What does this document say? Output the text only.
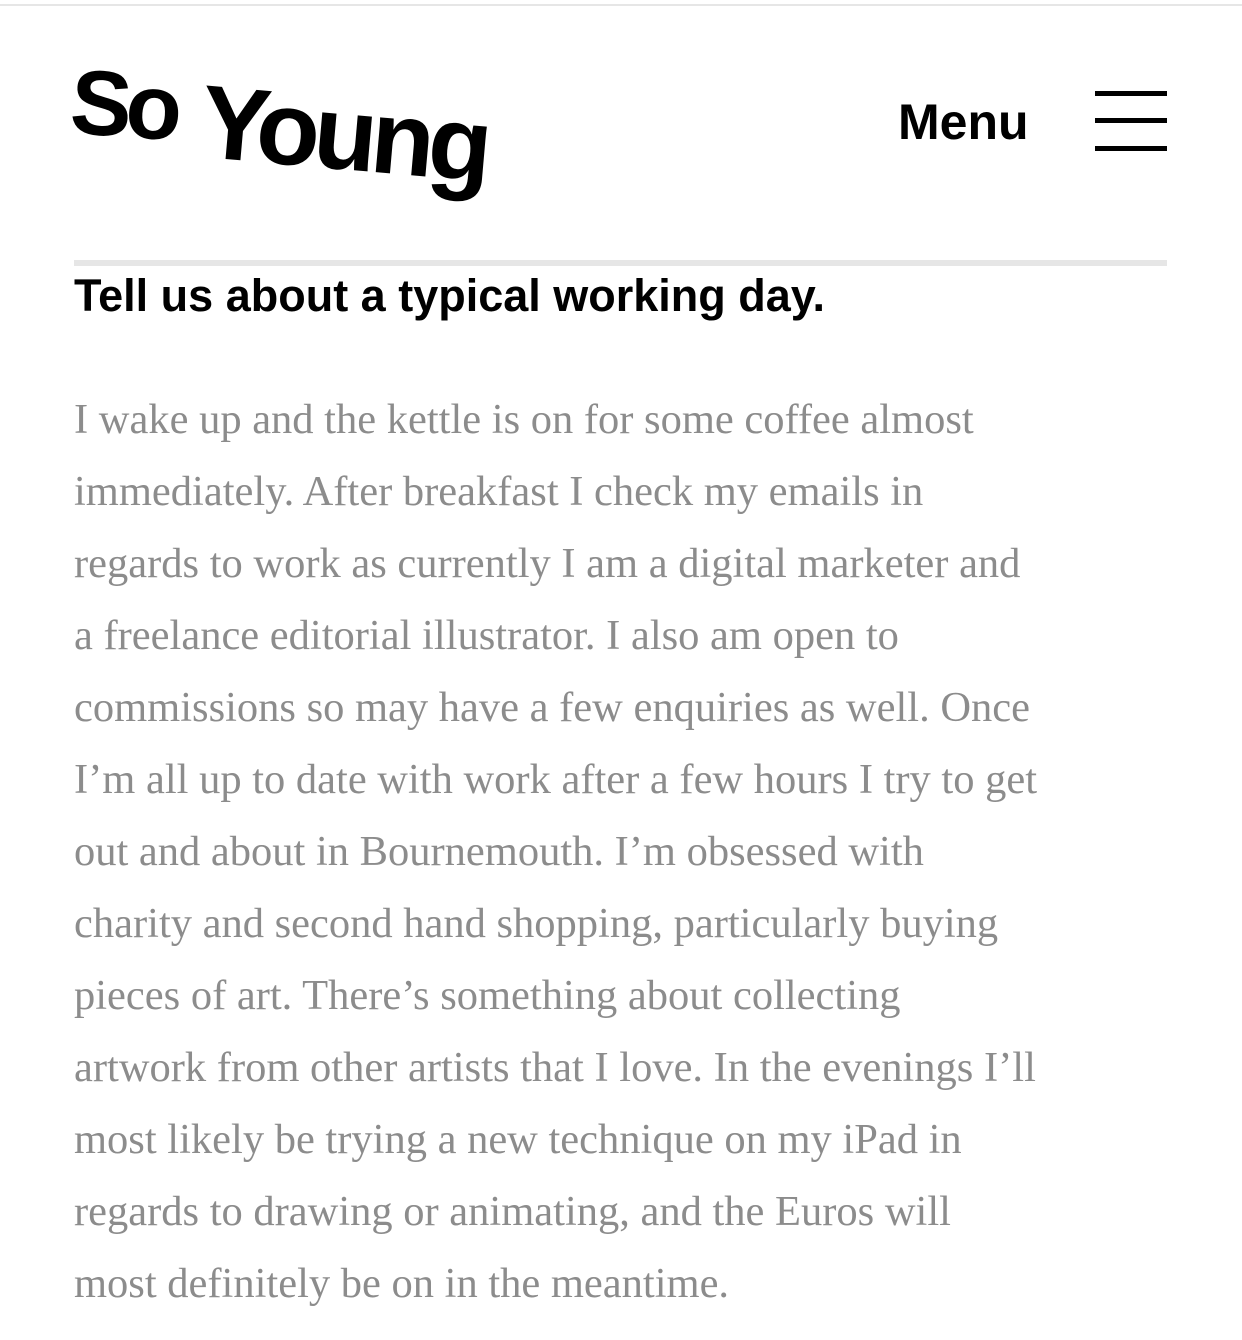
So Young	Menu
Tell us about a typical working day.

I wake up and the kettle is on for some coffee almost
immediately. After breakfast I check my emails in
regards to work as currently I am a digital marketer and
a freelance editorial illustrator. I also am open to
commissions so may have a few enquiries as well. Once
I’m all up to date with work after a few hours I try to get
out and about in Bournemouth. I’m obsessed with
charity and second hand shopping, particularly buying
pieces of art. There’s something about collecting
artwork from other artists that I love. In the evenings I’ll
most likely be trying a new technique on my iPad in
regards to drawing or animating, and the Euros will
most definitely be on in the meantime.
